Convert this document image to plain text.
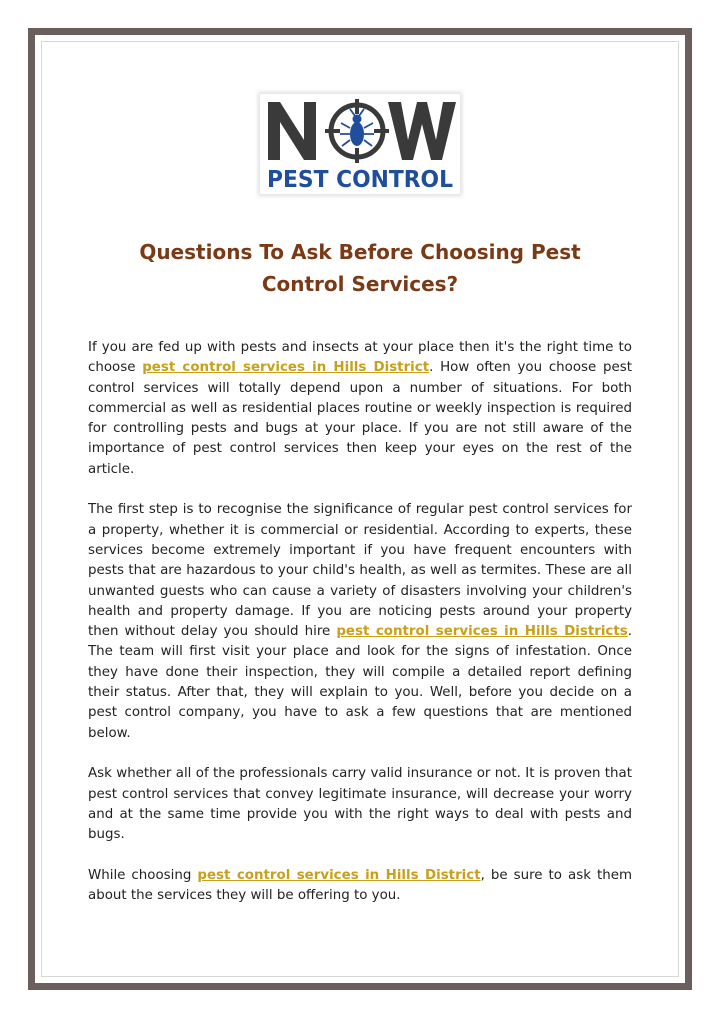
PEST CONTROL
Questions To Ask Before Choosing Pest Control Services?

If you are fed up with pests and insects at your place then it's the right time to choose pest control services in Hills District. How often you choose pest control services will totally depend upon a number of situations. For both commercial as well as residential places routine or weekly inspection is required for controlling pests and bugs at your place. If you are not still aware of the importance of pest control services then keep your eyes on the rest of the article.

The first step is to recognise the significance of regular pest control services for a property, whether it is commercial or residential. According to experts, these services become extremely important if you have frequent encounters with pests that are hazardous to your child's health, as well as termites. These are all unwanted guests who can cause a variety of disasters involving your children's health and property damage. If you are noticing pests around your property then without delay you should hire pest control services in Hills Districts. The team will first visit your place and look for the signs of infestation. Once they have done their inspection, they will compile a detailed report defining their status. After that, they will explain to you. Well, before you decide on a pest control company, you have to ask a few questions that are mentioned below.

Ask whether all of the professionals carry valid insurance or not. It is proven that pest control services that convey legitimate insurance, will decrease your worry and at the same time provide you with the right ways to deal with pests and bugs.

While choosing pest control services in Hills District, be sure to ask them about the services they will be offering to you.
